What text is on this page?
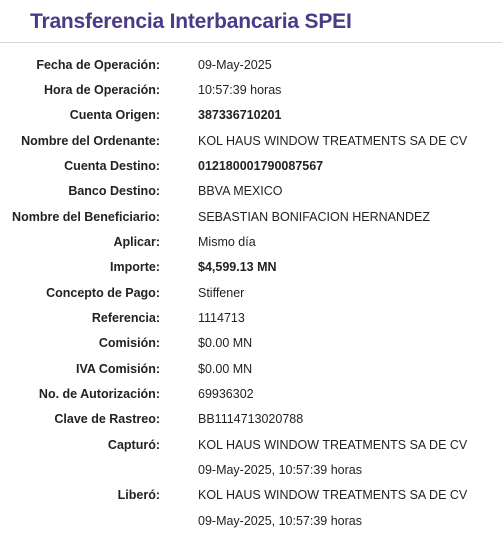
Transferencia Interbancaria SPEI
Fecha de Operación:	09-May-2025
Hora de Operación:	10:57:39 horas
Cuenta Origen:	387336710201
Nombre del Ordenante:	KOL HAUS WINDOW TREATMENTS SA DE CV
Cuenta Destino:	012180001790087567
Banco Destino:	BBVA MEXICO
Nombre del Beneficiario:	SEBASTIAN BONIFACION HERNANDEZ
Aplicar:	Mismo día
Importe:	$4,599.13 MN
Concepto de Pago:	Stiffener
Referencia:	1114713
Comisión:	$0.00 MN
IVA Comisión:	$0.00 MN
No. de Autorización:	69936302
Clave de Rastreo:	BB1114713020788
Capturó:	KOL HAUS WINDOW TREATMENTS SA DE CV
09-May-2025, 10:57:39 horas
Liberó:	KOL HAUS WINDOW TREATMENTS SA DE CV
09-May-2025, 10:57:39 horas
